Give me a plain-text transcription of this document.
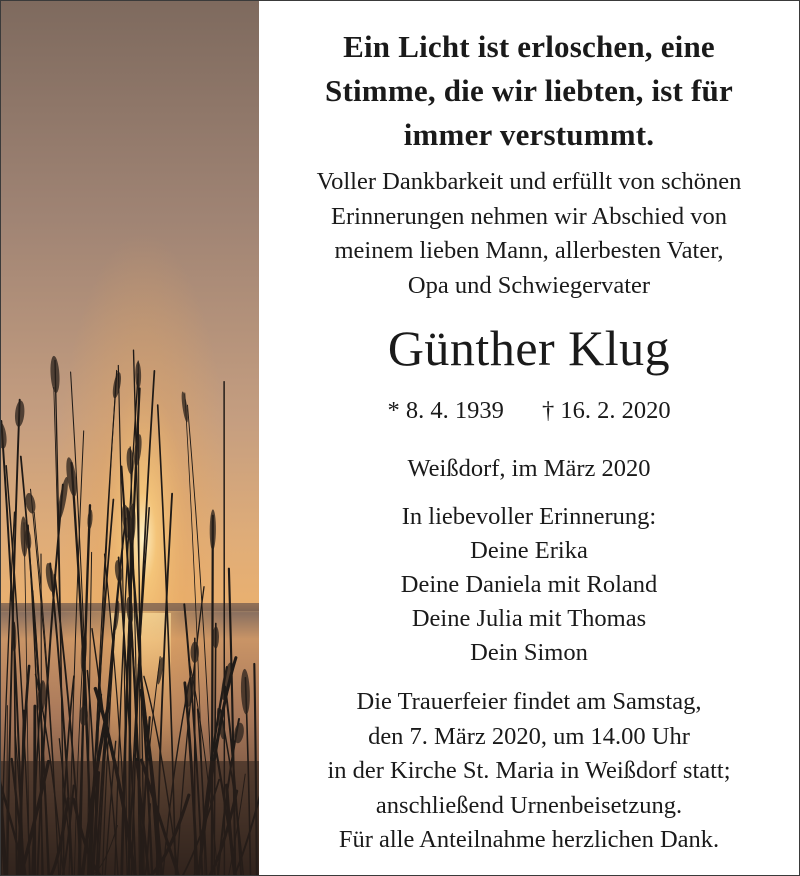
Ein Licht ist erloschen, eine
Stimme, die wir liebten, ist für
immer verstummt.
Voller Dankbarkeit und erfüllt von schönen
Erinnerungen nehmen wir Abschied von
meinem lieben Mann, allerbesten Vater,
Opa und Schwiegervater
Günther Klug
* 8. 4. 1939 † 16. 2. 2020
Weißdorf, im März 2020
In liebevoller Erinnerung:
Deine Erika
Deine Daniela mit Roland
Deine Julia mit Thomas
Dein Simon
Die Trauerfeier findet am Samstag,
den 7. März 2020, um 14.00 Uhr
in der Kirche St. Maria in Weißdorf statt;
anschließend Urnenbeisetzung.
Für alle Anteilnahme herzlichen Dank.
